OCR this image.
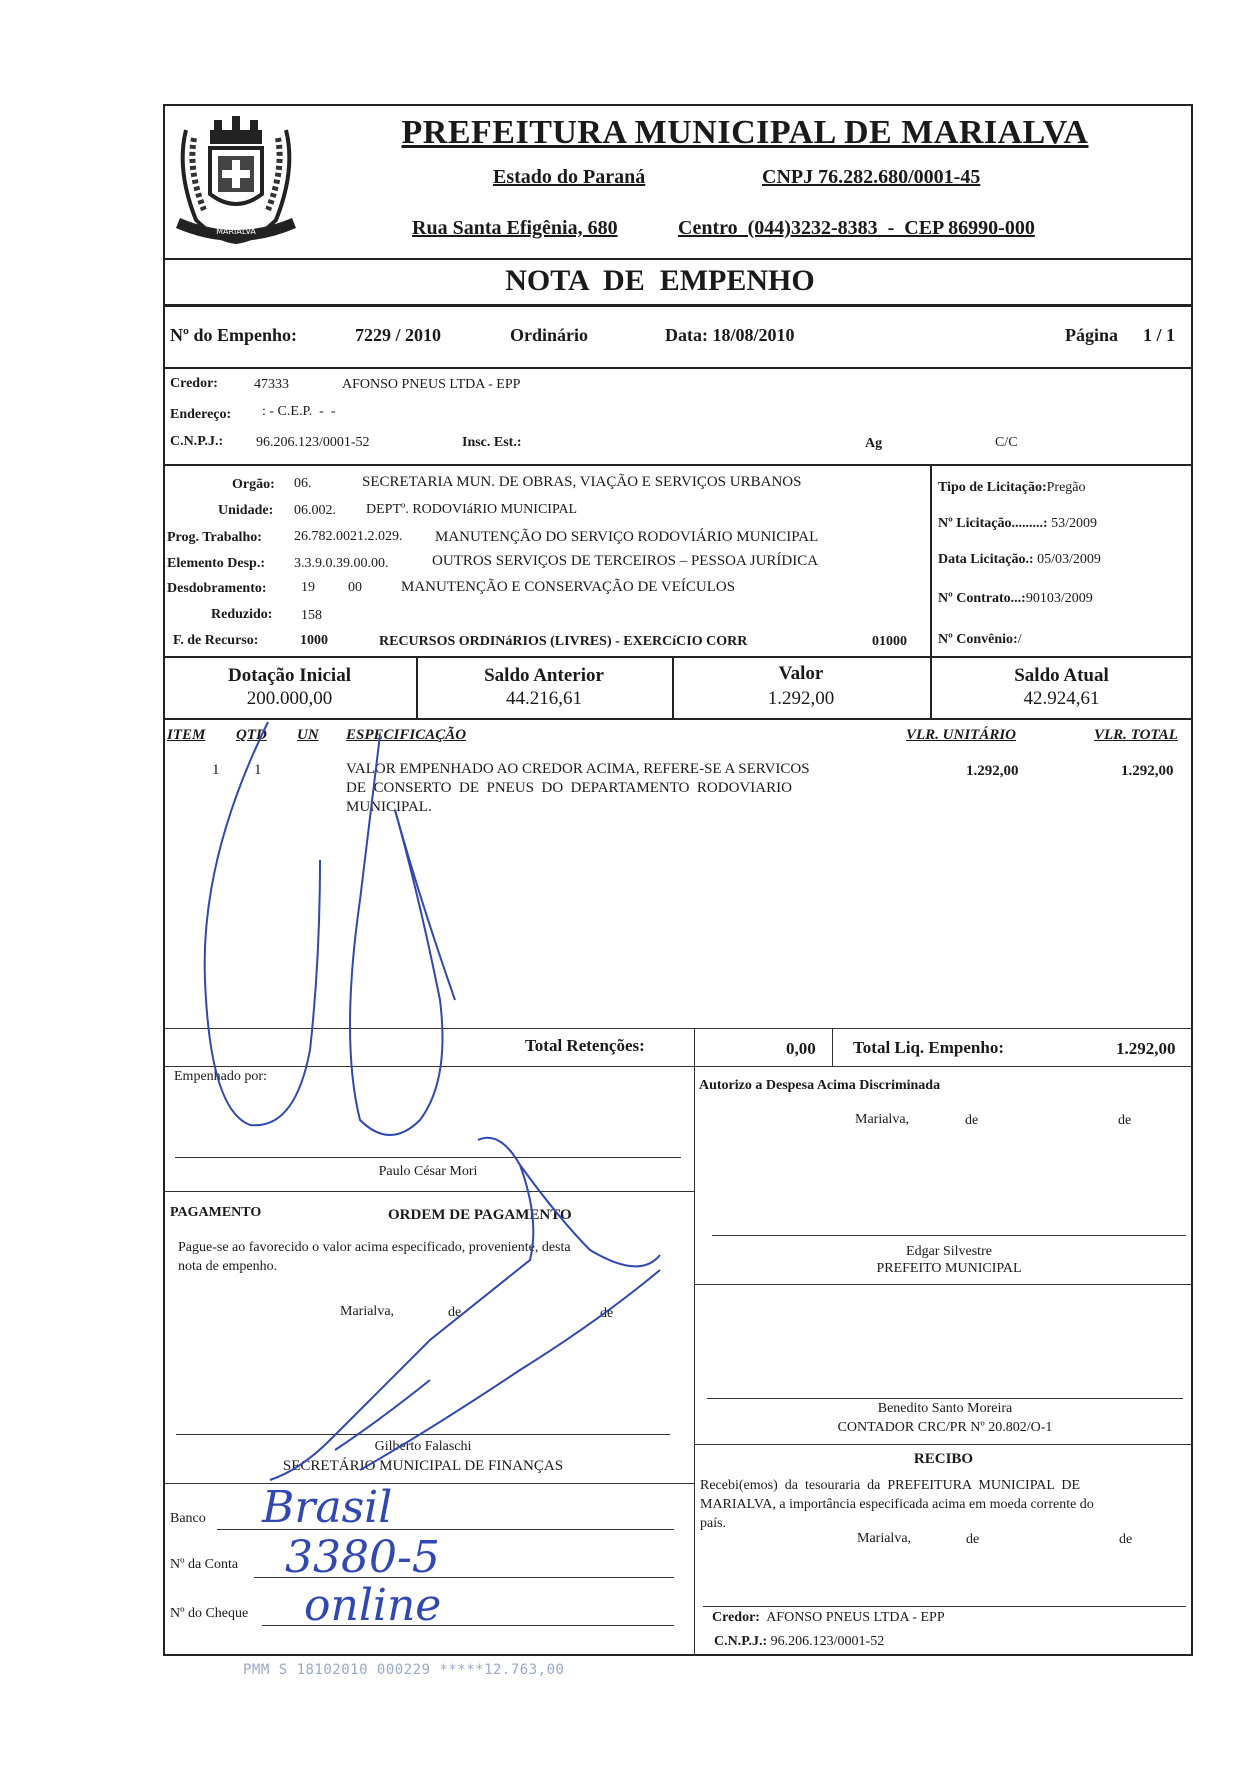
MARIALVA
PREFEITURA MUNICIPAL DE MARIALVA
Estado do Paraná	CNPJ 76.282.680/0001-45
Rua Santa Efigênia, 680	Centro  (044)3232-8383  -  CEP 86990-000
NOTA  DE  EMPENHO
Nº do Empenho:	7229 / 2010	Ordinário	Data: 18/08/2010	Página 1 / 1
Credor:	47333	AFONSO PNEUS LTDA - EPP
Endereço: : - C.E.P.  -  -
C.N.P.J.: 96.206.123/0001-52	Insc. Est.:	Ag	C/C
Orgão: 06.	SECRETARIA MUN. DE OBRAS, VIAÇÃO E SERVIÇOS URBANOS
Unidade: 06.002. DEPTº. RODOVIáRIO MUNICIPAL
Prog. Trabalho: 26.782.0021.2.029. MANUTENÇÃO DO SERVIÇO RODOVIÁRIO MUNICIPAL
Elemento Desp.: 3.3.9.0.39.00.00.	OUTROS SERVIÇOS DE TERCEIROS – PESSOA JURÍDICA
Desdobramento: 19 00	MANUTENÇÃO E CONSERVAÇÃO DE VEÍCULOS
Reduzido: 158
F. de Recurso:	1000	RECURSOS ORDINáRIOS (LIVRES) - EXERCíCIO CORR	01000
Tipo de Licitação:Pregão
Nº Licitação.........: 53/2009
Data Licitação.: 05/03/2009
Nº Contrato...:90103/2009
Nº Convênio:/
Dotação Inicial
200.000,00
Saldo Anterior
44.216,61
Valor
1.292,00
Saldo Atual
42.924,61
ITEM QTD UN ESPECIFICAÇÃO	VLR. UNITÁRIO	VLR. TOTAL
1 1	VALOR EMPENHADO AO CREDOR ACIMA, REFERE-SE A SERVICOS
DE  CONSERTO  DE  PNEUS  DO  DEPARTAMENTO  RODOVIARIO
MUNICIPAL.
1.292,00	1.292,00
Total Retenções:	0,00 Total Liq. Empenho:	1.292,00
Empenhado por:
Paulo César Mori
Autorizo a Despesa Acima Discriminada
Marialva,	de	de
Edgar Silvestre
PREFEITO MUNICIPAL
PAGAMENTO	ORDEM DE PAGAMENTO
Pague-se ao favorecido o valor acima especificado, proveniente, desta
nota de empenho.
Marialva,	de	de
Gilberto Falaschi
SECRETÁRIO MUNICIPAL DE FINANÇAS
Banco Brasil
Nº da Conta 3380-5
Nº do Cheque online
Benedito Santo Moreira
CONTADOR CRC/PR Nº 20.802/O-1
RECIBO
Recebi(emos)  da  tesouraria  da  PREFEITURA  MUNICIPAL  DE
MARIALVA, a importância especificada acima em moeda corrente do
país.
Marialva,	de	de
Credor: AFONSO PNEUS LTDA - EPP
C.N.P.J.: 96.206.123/0001-52
PMM S 18102010 000229 *****12.763,00
